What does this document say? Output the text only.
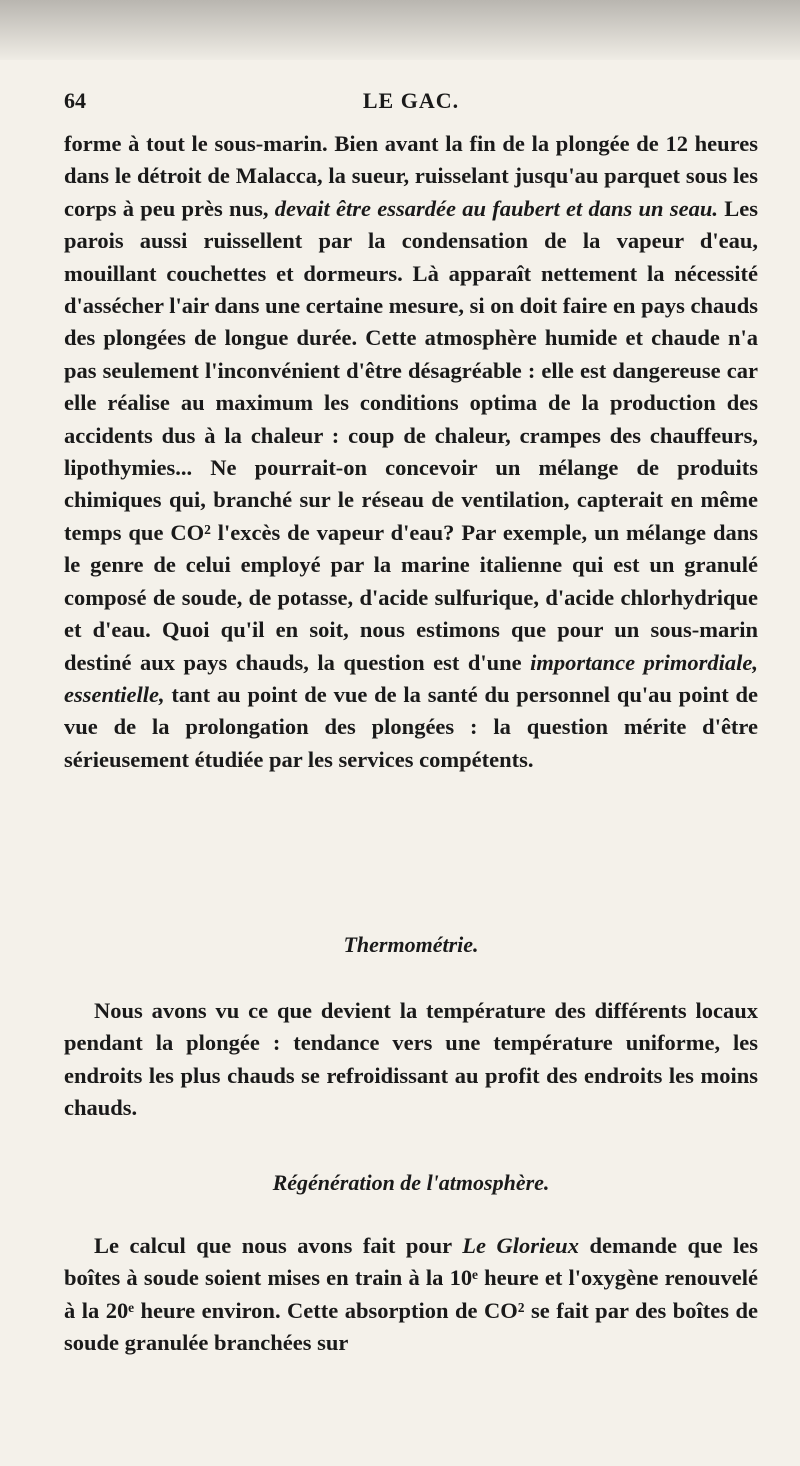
64	LE GAC.
forme à tout le sous-marin. Bien avant la fin de la plongée de 12 heures dans le détroit de Malacca, la sueur, ruisselant jusqu'au parquet sous les corps à peu près nus, devait être essardée au faubert et dans un seau. Les parois aussi ruissellent par la condensation de la vapeur d'eau, mouillant couchettes et dormeurs. Là apparaît nettement la nécessité d'assécher l'air dans une certaine mesure, si on doit faire en pays chauds des plongées de longue durée. Cette atmosphère humide et chaude n'a pas seulement l'inconvénient d'être désagréable : elle est dangereuse car elle réalise au maximum les conditions optima de la production des accidents dus à la chaleur : coup de chaleur, crampes des chauffeurs, lipothymies... Ne pourrait-on concevoir un mélange de produits chimiques qui, branché sur le réseau de ventilation, capterait en même temps que CO² l'excès de vapeur d'eau? Par exemple, un mélange dans le genre de celui employé par la marine italienne qui est un granulé composé de soude, de potasse, d'acide sulfurique, d'acide chlorhydrique et d'eau. Quoi qu'il en soit, nous estimons que pour un sous-marin destiné aux pays chauds, la question est d'une importance primordiale, essentielle, tant au point de vue de la santé du personnel qu'au point de vue de la prolongation des plongées : la question mérite d'être sérieusement étudiée par les services compétents.
Thermométrie.
Nous avons vu ce que devient la température des différents locaux pendant la plongée : tendance vers une température uniforme, les endroits les plus chauds se refroidissant au profit des endroits les moins chauds.
Régénération de l'atmosphère.
Le calcul que nous avons fait pour Le Glorieux demande que les boîtes à soude soient mises en train à la 10ᵉ heure et l'oxygène renouvelé à la 20ᵉ heure environ. Cette absorption de CO² se fait par des boîtes de soude granulée branchées sur
